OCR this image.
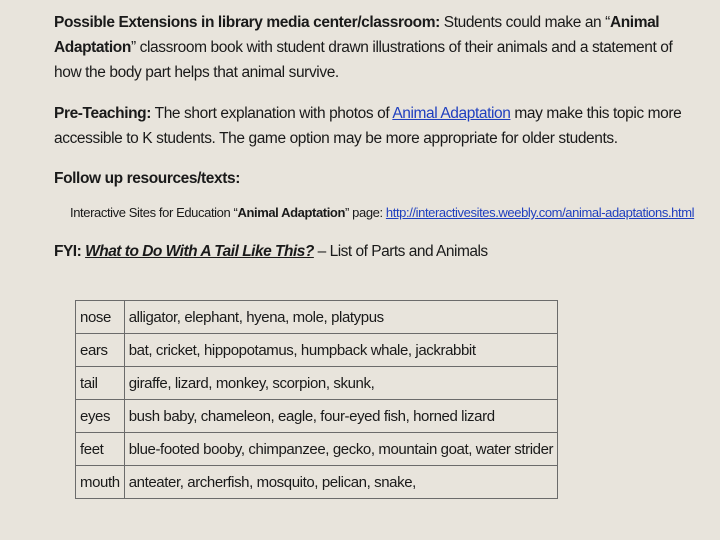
Possible Extensions in library media center/classroom: Students could make an “Animal Adaptation” classroom book with student drawn illustrations of their animals and a statement of how the body part helps that animal survive.
Pre-Teaching: The short explanation with photos of Animal Adaptation may make this topic more accessible to K students. The game option may be more appropriate for older students.
Follow up resources/texts:
Interactive Sites for Education “Animal Adaptation” page: http://interactivesites.weebly.com/animal-adaptations.html
FYI: What to Do With A Tail Like This? – List of Parts and Animals
nose	alligator, elephant, hyena, mole, platypus
ears	bat, cricket, hippopotamus, humpback whale, jackrabbit
tail	giraffe, lizard, monkey, scorpion, skunk,
eyes	bush baby, chameleon, eagle, four-eyed fish, horned lizard
feet	blue-footed booby, chimpanzee, gecko, mountain goat, water strider
mouth	anteater, archerfish, mosquito, pelican, snake,
